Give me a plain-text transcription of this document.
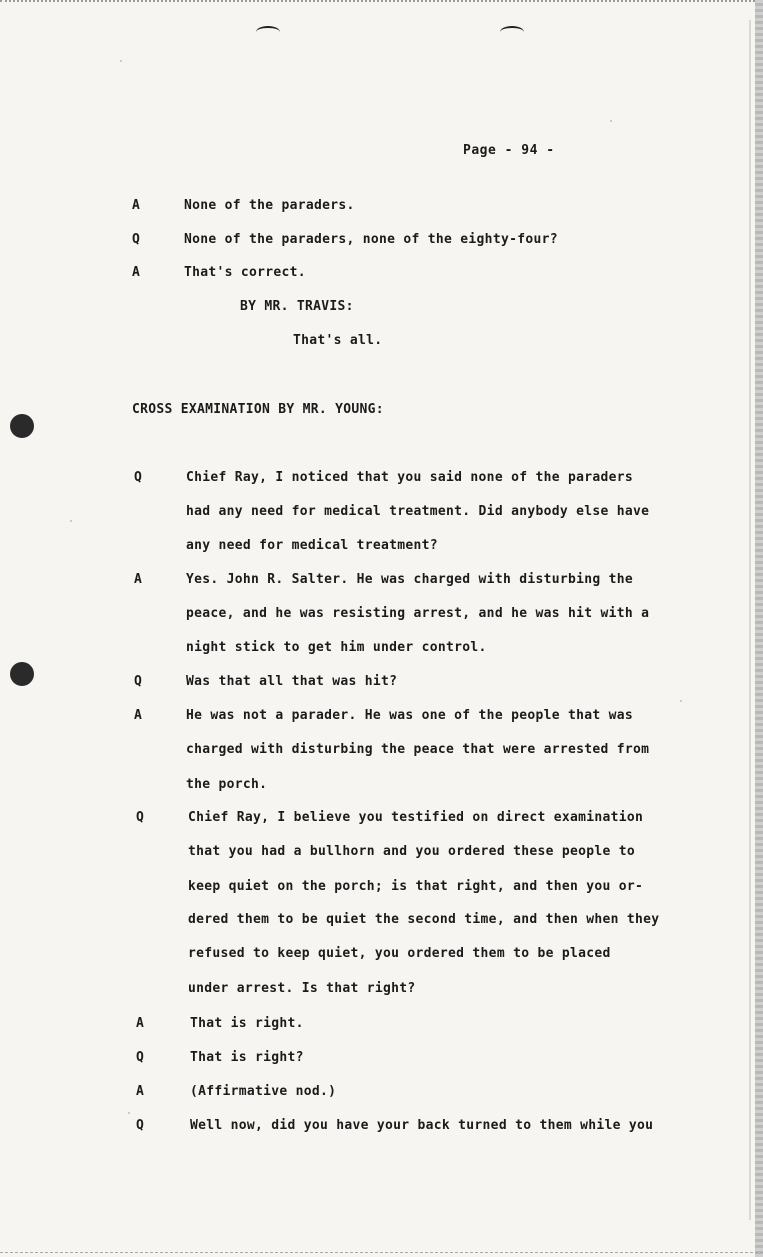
Page - 94 -
A	None of the paraders.
Q	None of the paraders, none of the eighty-four?
A	That's correct.
BY MR. TRAVIS:
That's all.
CROSS EXAMINATION BY MR. YOUNG:
Q	Chief Ray, I noticed that you said none of the paraders
had any need for medical treatment. Did anybody else have
any need for medical treatment?
A	Yes. John R. Salter. He was charged with disturbing the
peace, and he was resisting arrest, and he was hit with a
night stick to get him under control.
Q	Was that all that was hit?
A	He was not a parader. He was one of the people that was
charged with disturbing the peace that were arrested from
the porch.
Q	Chief Ray, I believe you testified on direct examination
that you had a bullhorn and you ordered these people to
keep quiet on the porch; is that right, and then you or-
dered them to be quiet the second time, and then when they
refused to keep quiet, you ordered them to be placed
under arrest. Is that right?
A	That is right.
Q	That is right?
A	(Affirmative nod.)
Q	Well now, did you have your back turned to them while you
